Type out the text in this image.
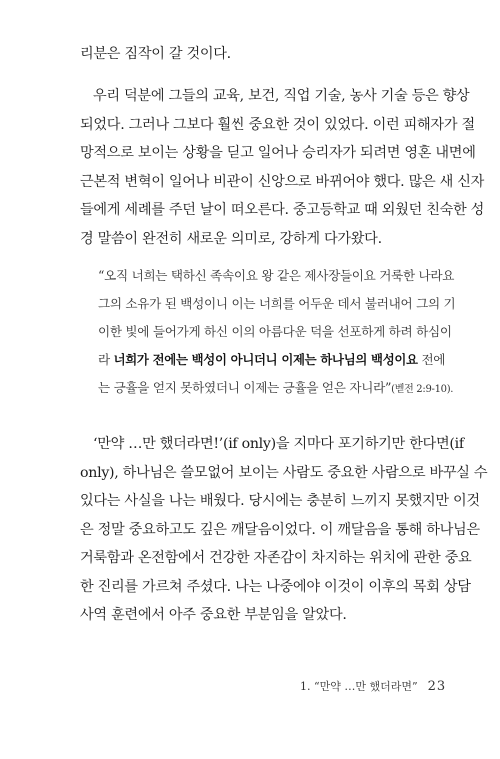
리분은 짐작이 갈 것이다.

우리 덕분에 그들의 교육, 보건, 직업 기술, 농사 기술 등은 향상
되었다. 그러나 그보다 훨씬 중요한 것이 있었다. 이런 피해자가 절
망적으로 보이는 상황을 딛고 일어나 승리자가 되려면 영혼 내면에
근본적 변혁이 일어나 비관이 신앙으로 바뀌어야 했다. 많은 새 신자
들에게 세례를 주던 날이 떠오른다. 중고등학교 때 외웠던 친숙한 성
경 말씀이 완전히 새로운 의미로, 강하게 다가왔다.

“오직 너희는 택하신 족속이요 왕 같은 제사장들이요 거룩한 나라요
그의 소유가 된 백성이니 이는 너희를 어두운 데서 불러내어 그의 기
이한 빛에 들어가게 하신 이의 아름다운 덕을 선포하게 하려 하심이
라 너희가 전에는 백성이 아니더니 이제는 하나님의 백성이요 전에
는 긍휼을 얻지 못하였더니 이제는 긍휼을 얻은 자니라”(벧전 2:9-10).

‘만약 …만 했더라면!’(if only)을 지마다 포기하기만 한다면(if
only), 하나님은 쓸모없어 보이는 사람도 중요한 사람으로 바꾸실 수
있다는 사실을 나는 배웠다. 당시에는 충분히 느끼지 못했지만 이것
은 정말 중요하고도 깊은 깨달음이었다. 이 깨달음을 통해 하나님은
거룩함과 온전함에서 건강한 자존감이 차지하는 위치에 관한 중요
한 진리를 가르쳐 주셨다. 나는 나중에야 이것이 이후의 목회 상담
사역 훈련에서 아주 중요한 부분임을 알았다.

1. “만약 …만 했더라면” 23
